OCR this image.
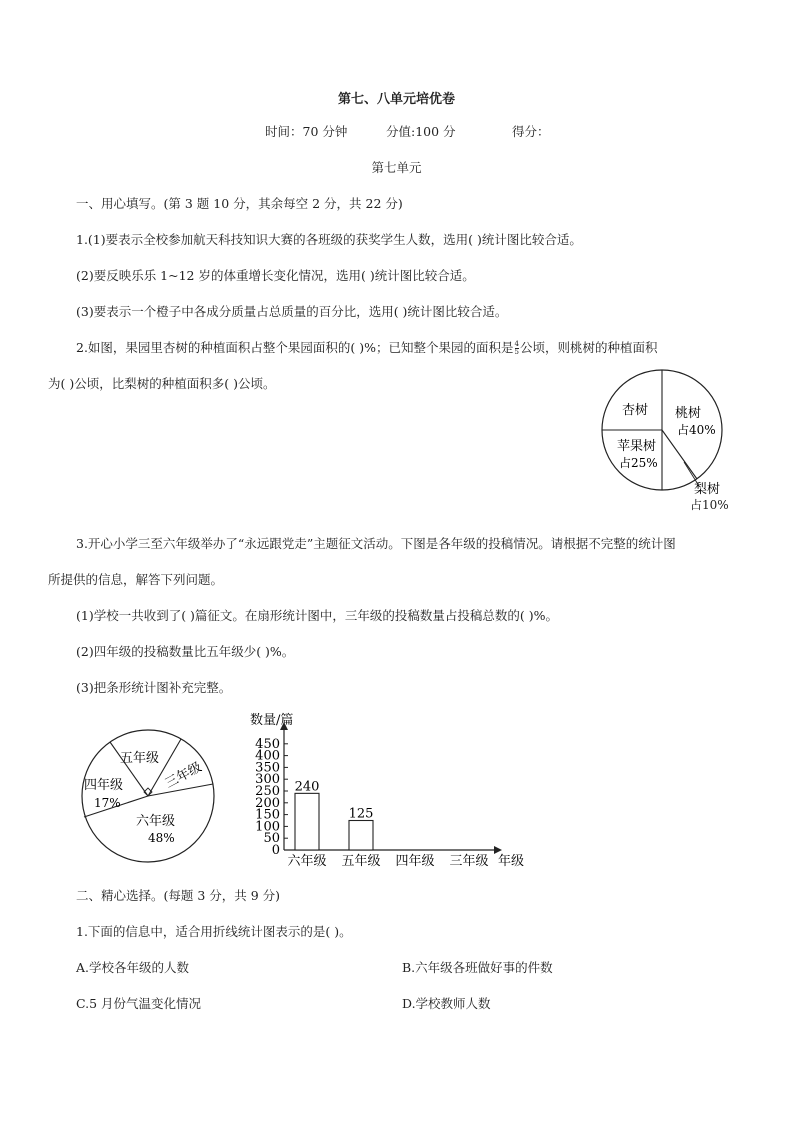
第七、八单元培优卷
时间：70 分钟	分值:100 分	得分：
第七单元
一、用心填写。(第 3 题 10 分，其余每空 2 分，共 22 分)
1.(1)要表示全校参加航天科技知识大赛的各班级的获奖学生人数，选用( )统计图比较合适。
(2)要反映乐乐 1~12 岁的体重增长变化情况，选用( )统计图比较合适。
(3)要表示一个橙子中各成分质量占总质量的百分比，选用( )统计图比较合适。
2.如图，果园里杏树的种植面积占整个果园面积的( )%；已知整个果园的面积是 $\frac{4}{5}$ 公顷，则桃树的种植面积
为( )公顷，比梨树的种植面积多( )公顷。
杏树 桃树
占40%
苹果树
占25%
梨树
占10%
3.开心小学三至六年级举办了“永远跟党走”主题征文活动。下图是各年级的投稿情况。请根据不完整的统计图
所提供的信息，解答下列问题。
(1)学校一共收到了( )篇征文。在扇形统计图中，三年级的投稿数量占投稿总数的( )%。
(2)四年级的投稿数量比五年级少( )%。
(3)把条形统计图补充完整。
五年级
三年级
四年级
17%
六年级
48%
数量/篇
0
50
100
150
200
250
300
350
400
450
240
125
六年级 五年级 四年级 三年级 年级
二、精心选择。(每题 3 分，共 9 分)
1.下面的信息中，适合用折线统计图表示的是( )。
A.学校各年级的人数	B.六年级各班做好事的件数
C.5 月份气温变化情况	D.学校教师人数
